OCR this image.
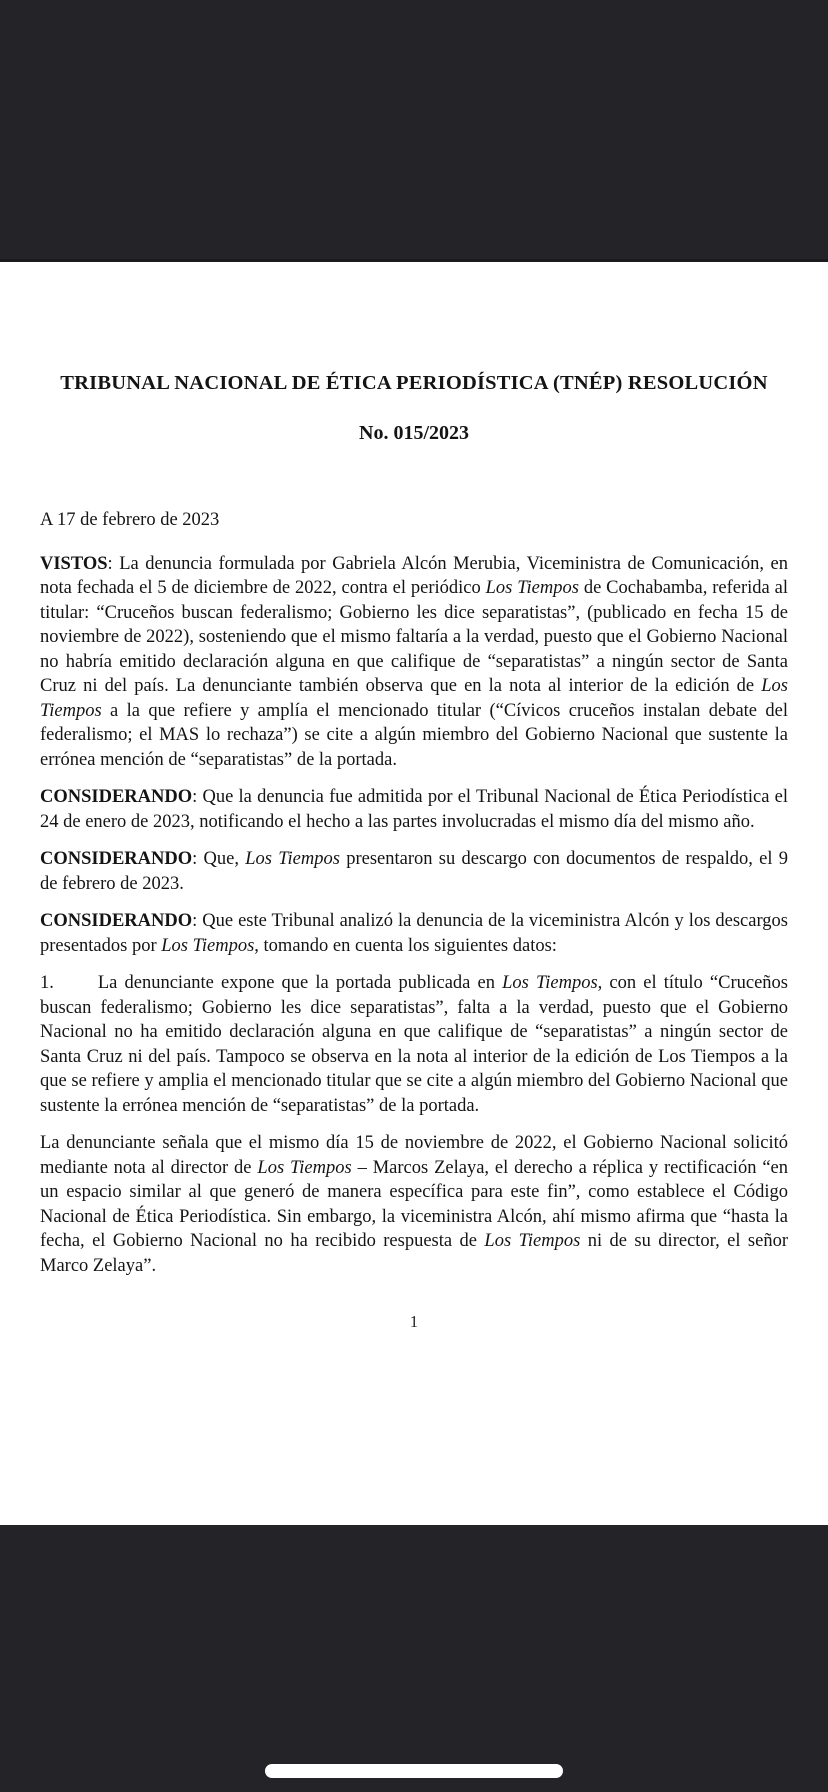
TRIBUNAL NACIONAL DE ÉTICA PERIODÍSTICA (TNÉP) RESOLUCIÓN
No. 015/2023

A 17 de febrero de 2023

VISTOS: La denuncia formulada por Gabriela Alcón Merubia, Viceministra de Comunicación, en nota fechada el 5 de diciembre de 2022, contra el periódico Los Tiempos de Cochabamba, referida al titular: “Cruceños buscan federalismo; Gobierno les dice separatistas”, (publicado en fecha 15 de noviembre de 2022), sosteniendo que el mismo faltaría a la verdad, puesto que el Gobierno Nacional no habría emitido declaración alguna en que califique de “separatistas” a ningún sector de Santa Cruz ni del país. La denunciante también observa que en la nota al interior de la edición de Los Tiempos a la que refiere y amplía el mencionado titular (“Cívicos cruceños instalan debate del federalismo; el MAS lo rechaza”) se cite a algún miembro del Gobierno Nacional que sustente la errónea mención de “separatistas” de la portada.

CONSIDERANDO: Que la denuncia fue admitida por el Tribunal Nacional de Ética Periodística el 24 de enero de 2023, notificando el hecho a las partes involucradas el mismo día del mismo año.

CONSIDERANDO: Que, Los Tiempos presentaron su descargo con documentos de respaldo, el 9 de febrero de 2023.

CONSIDERANDO: Que este Tribunal analizó la denuncia de la viceministra Alcón y los descargos presentados por Los Tiempos, tomando en cuenta los siguientes datos:

1. La denunciante expone que la portada publicada en Los Tiempos, con el título “Cruceños buscan federalismo; Gobierno les dice separatistas”, falta a la verdad, puesto que el Gobierno Nacional no ha emitido declaración alguna en que califique de “separatistas” a ningún sector de Santa Cruz ni del país. Tampoco se observa en la nota al interior de la edición de Los Tiempos a la que se refiere y amplia el mencionado titular que se cite a algún miembro del Gobierno Nacional que sustente la errónea mención de “separatistas” de la portada.

La denunciante señala que el mismo día 15 de noviembre de 2022, el Gobierno Nacional solicitó mediante nota al director de Los Tiempos – Marcos Zelaya, el derecho a réplica y rectificación “en un espacio similar al que generó de manera específica para este fin”, como establece el Código Nacional de Ética Periodística. Sin embargo, la viceministra Alcón, ahí mismo afirma que “hasta la fecha, el Gobierno Nacional no ha recibido respuesta de Los Tiempos ni de su director, el señor Marco Zelaya”.

1
